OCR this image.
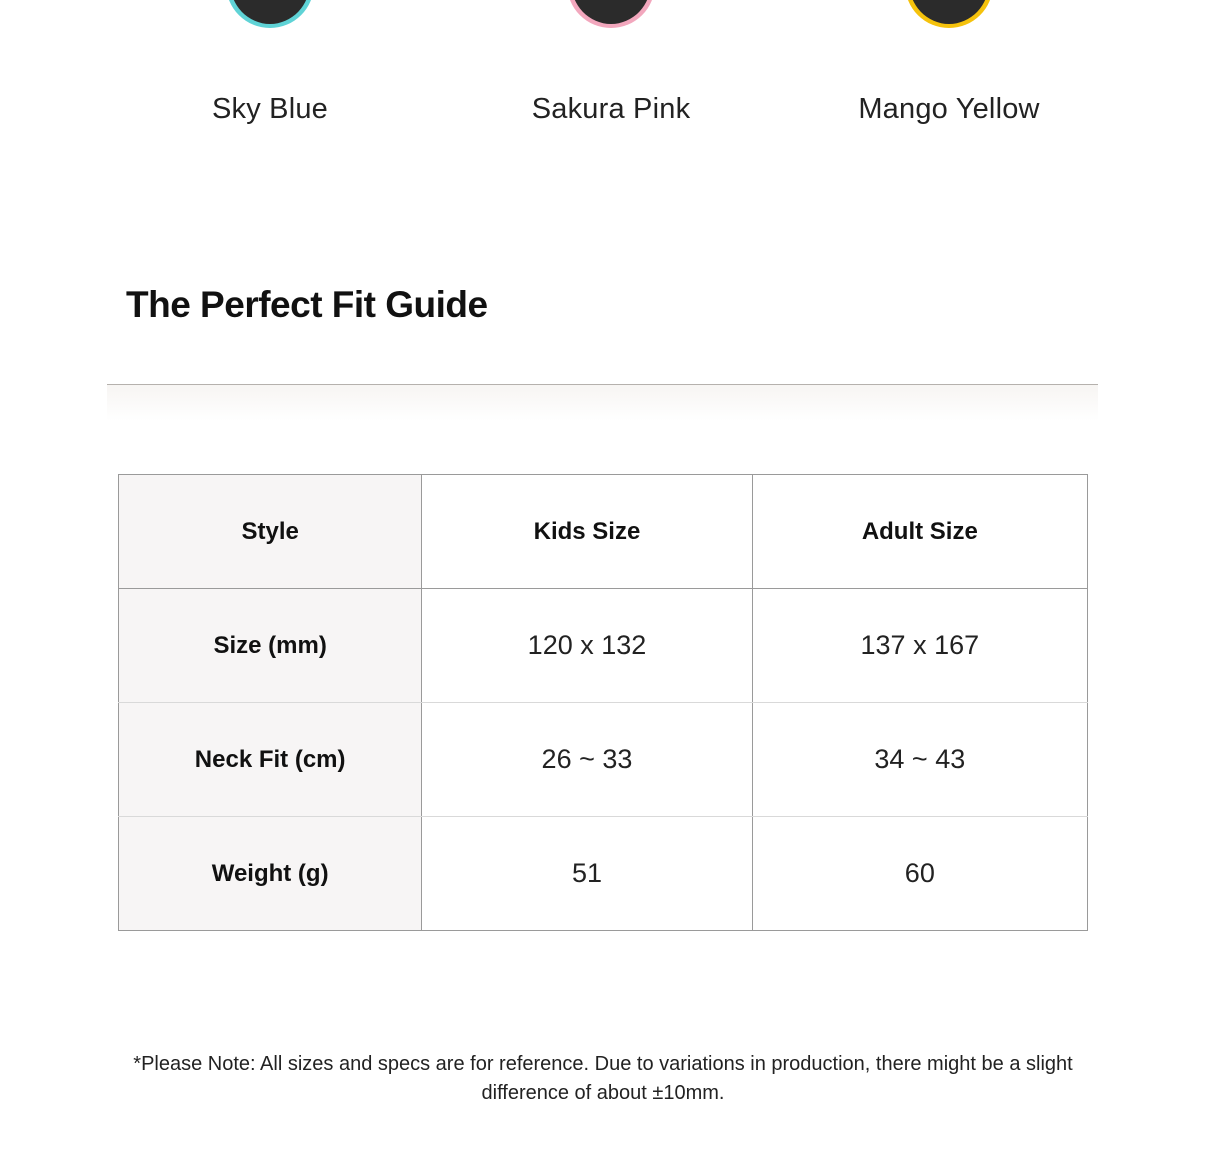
Sky Blue	Sakura Pink	Mango Yellow
The Perfect Fit Guide
Style	Kids Size	Adult Size
Size (mm)	120 x 132	137 x 167
Neck Fit (cm)	26 ~ 33	34 ~ 43
Weight (g)	51	60

*Please Note: All sizes and specs are for reference. Due to variations in production, there might be a slight difference of about ±10mm.
